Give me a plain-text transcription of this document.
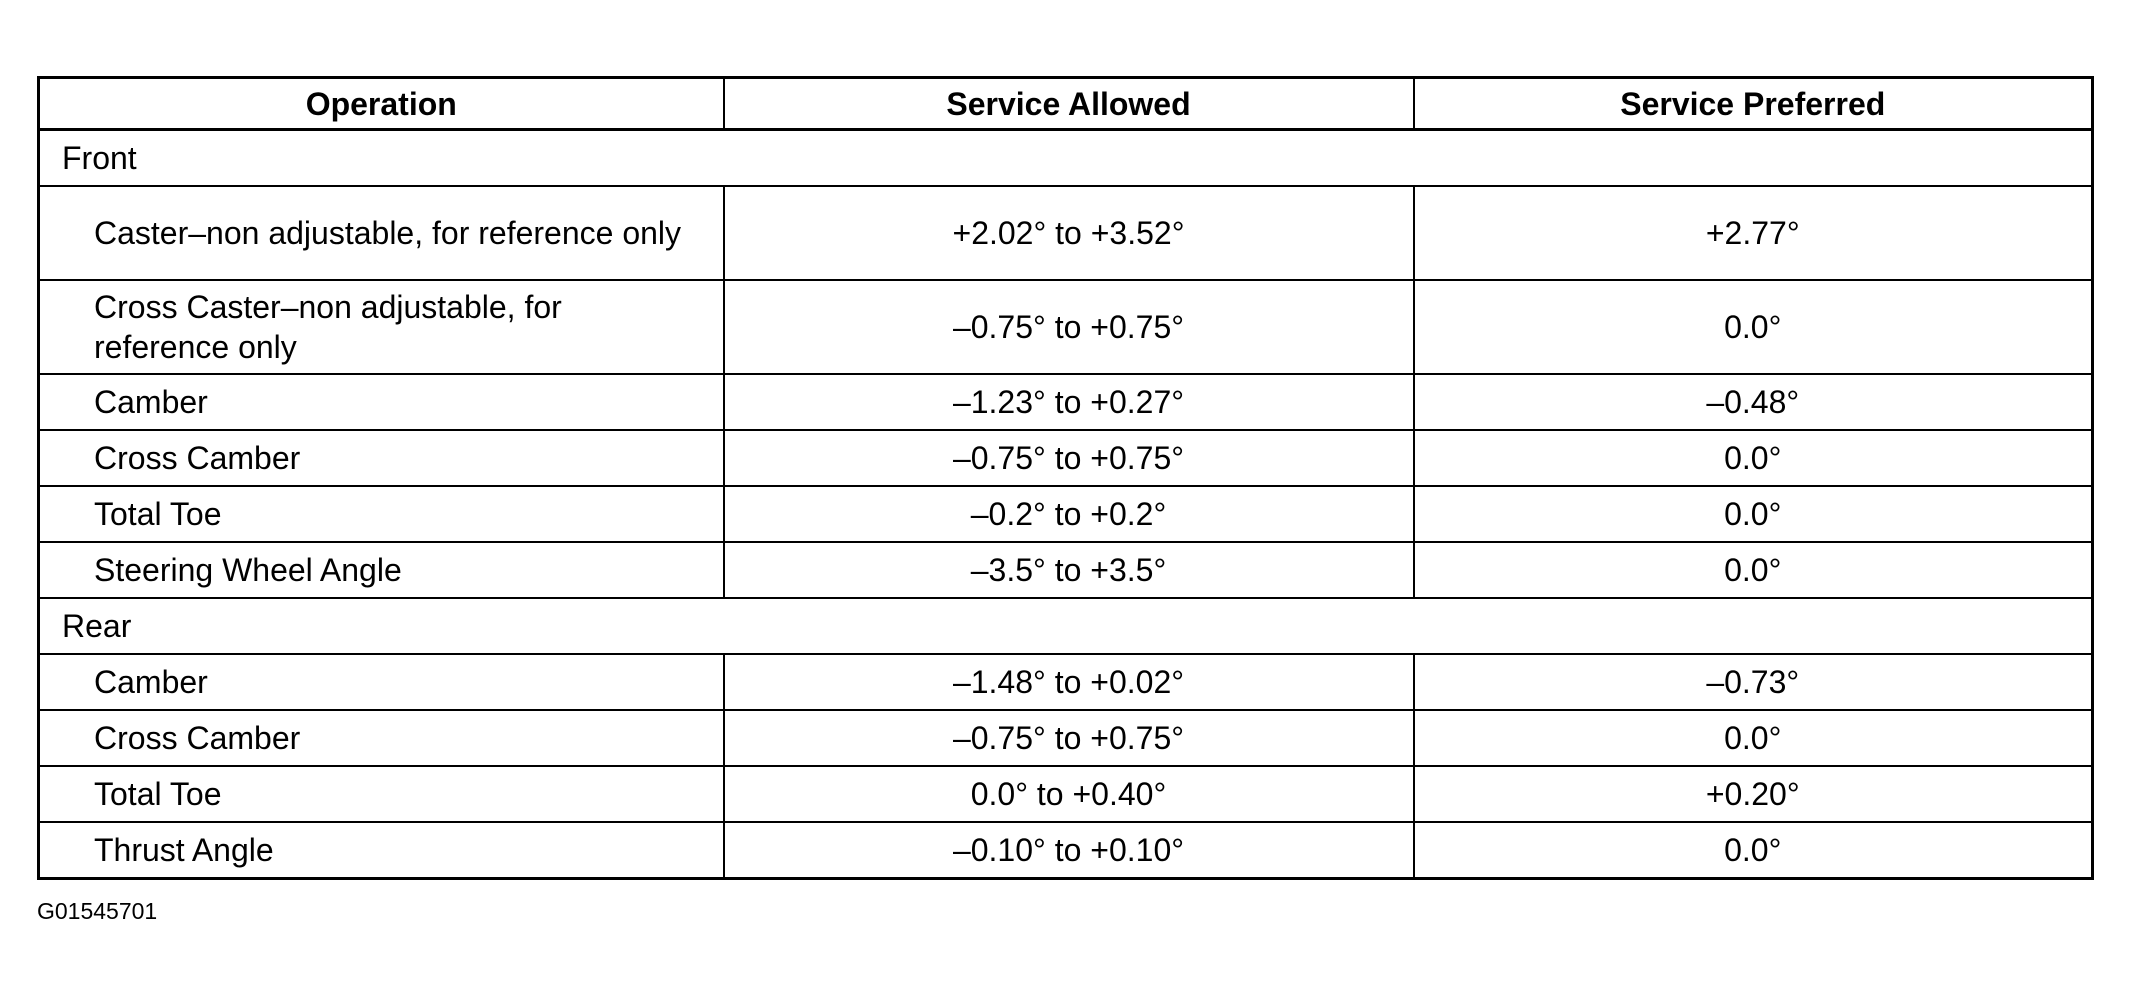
Operation	Service Allowed	Service Preferred
Front		
Caster–non adjustable, for reference only	+2.02° to +3.52°	+2.77°
Cross Caster–non adjustable, for reference only	–0.75° to +0.75°	0.0°
Camber	–1.23° to +0.27°	–0.48°
Cross Camber	–0.75° to +0.75°	0.0°
Total Toe	–0.2° to +0.2°	0.0°
Steering Wheel Angle	–3.5° to +3.5°	0.0°
Rear		
Camber	–1.48° to +0.02°	–0.73°
Cross Camber	–0.75° to +0.75°	0.0°
Total Toe	0.0° to +0.40°	+0.20°
Thrust Angle	–0.10° to +0.10°	0.0°
G01545701
